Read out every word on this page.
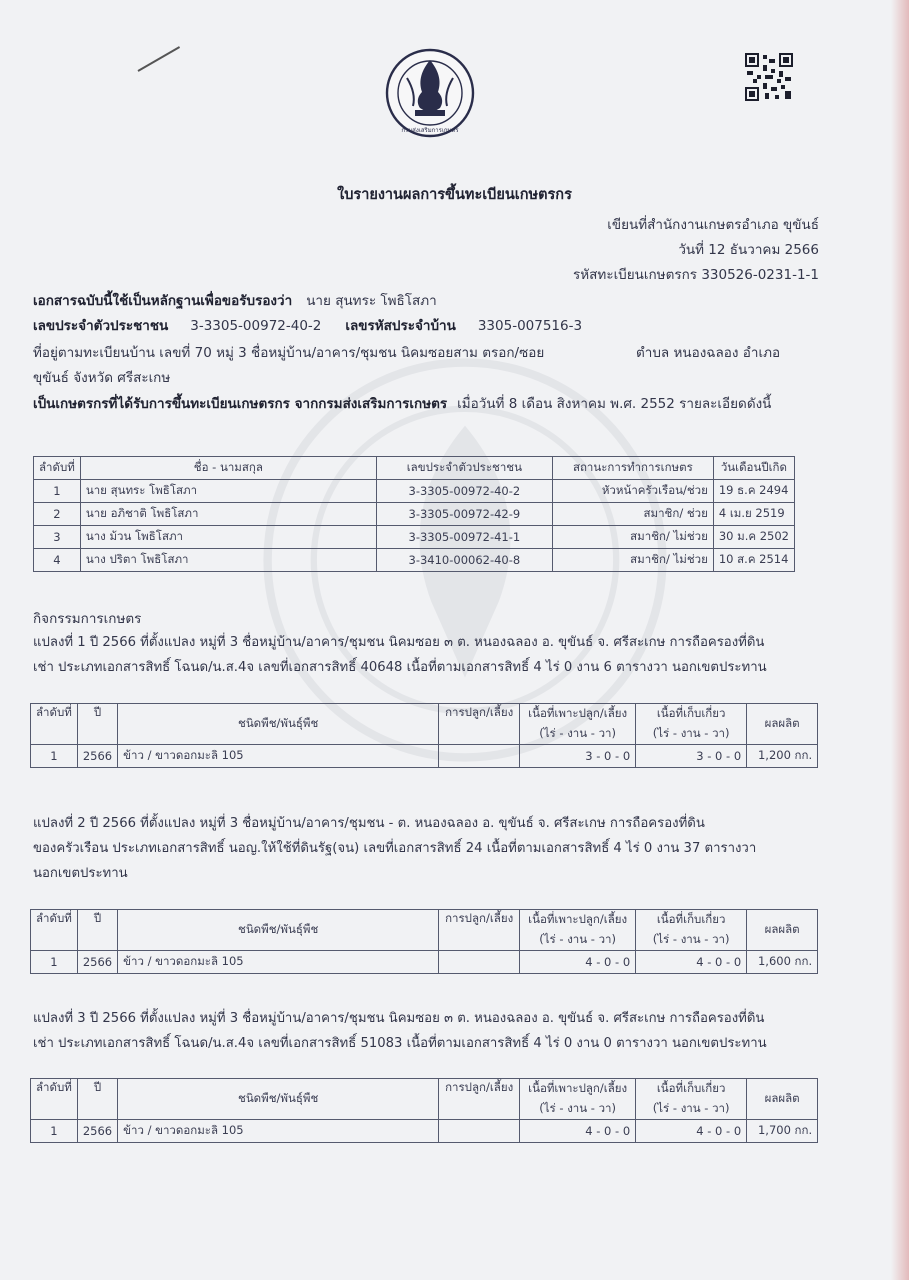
กรมส่งเสริมการเกษตร
ใบรายงานผลการขึ้นทะเบียนเกษตรกร
เขียนที่สำนักงานเกษตรอำเภอ ขุขันธ์
วันที่ 12 ธันวาคม 2566
รหัสทะเบียนเกษตรกร 330526-0231-1-1
เอกสารฉบับนี้ใช้เป็นหลักฐานเพื่อขอรับรองว่า นาย สุนทระ โพธิโสภา
เลขประจำตัวประชาชน 3-3305-00972-40-2 เลขรหัสประจำบ้าน 3305-007516-3
ที่อยู่ตามทะเบียนบ้าน เลขที่ 70 หมู่ 3 ชื่อหมู่บ้าน/อาคาร/ชุมชน นิคมซอยสาม ตรอก/ซอย	ตำบล หนองฉลอง อำเภอ
ขุขันธ์ จังหวัด ศรีสะเกษ
เป็นเกษตรกรที่ได้รับการขึ้นทะเบียนเกษตรกร จากกรมส่งเสริมการเกษตร เมื่อวันที่ 8 เดือน สิงหาคม พ.ศ. 2552 รายละเอียดดังนี้
ลำดับที่	ชื่อ - นามสกุล	เลขประจำตัวประชาชน	สถานะการทำการเกษตร	วันเดือนปีเกิด
1	นาย สุนทระ โพธิโสภา	3-3305-00972-40-2	หัวหน้าครัวเรือน/ช่วย	19 ธ.ค 2494
2	นาย อภิชาติ โพธิโสภา	3-3305-00972-42-9	สมาชิก/ ช่วย	4 เม.ย 2519
3	นาง ม้วน โพธิโสภา	3-3305-00972-41-1	สมาชิก/ ไม่ช่วย	30 ม.ค 2502
4	นาง ปริตา โพธิโสภา	3-3410-00062-40-8	สมาชิก/ ไม่ช่วย	10 ส.ค 2514
กิจกรรมการเกษตร
แปลงที่ 1 ปี 2566 ที่ตั้งแปลง หมู่ที่ 3 ชื่อหมู่บ้าน/อาคาร/ชุมชน นิคมซอย ๓ ต. หนองฉลอง อ. ขุขันธ์ จ. ศรีสะเกษ การถือครองที่ดิน
เช่า ประเภทเอกสารสิทธิ์ โฉนด/น.ส.4จ เลขที่เอกสารสิทธิ์ 40648 เนื้อที่ตามเอกสารสิทธิ์ 4 ไร่ 0 งาน 6 ตารางวา นอกเขตประทาน
ลำดับที่	ปี	ชนิดพืช/พันธุ์พืช	การปลูก/เลี้ยง	เนื้อที่เพาะปลูก/เลี้ยง	เนื้อที่เก็บเกี่ยว	ผลผลิต
				(ไร่ - งาน - วา)	(ไร่ - งาน - วา)	
1	2566	ข้าว / ขาวดอกมะลิ 105		3 - 0 - 0	3 - 0 - 0	1,200 กก.
แปลงที่ 2 ปี 2566 ที่ตั้งแปลง หมู่ที่ 3 ชื่อหมู่บ้าน/อาคาร/ชุมชน - ต. หนองฉลอง อ. ขุขันธ์ จ. ศรีสะเกษ การถือครองที่ดิน
ของครัวเรือน ประเภทเอกสารสิทธิ์ นอญ.ให้ใช้ที่ดินรัฐ(จน) เลขที่เอกสารสิทธิ์ 24 เนื้อที่ตามเอกสารสิทธิ์ 4 ไร่ 0 งาน 37 ตารางวา
นอกเขตประทาน
ลำดับที่	ปี	ชนิดพืช/พันธุ์พืช	การปลูก/เลี้ยง	เนื้อที่เพาะปลูก/เลี้ยง	เนื้อที่เก็บเกี่ยว	ผลผลิต
				(ไร่ - งาน - วา)	(ไร่ - งาน - วา)	
1	2566	ข้าว / ขาวดอกมะลิ 105		4 - 0 - 0	4 - 0 - 0	1,600 กก.
แปลงที่ 3 ปี 2566 ที่ตั้งแปลง หมู่ที่ 3 ชื่อหมู่บ้าน/อาคาร/ชุมชน นิคมซอย ๓ ต. หนองฉลอง อ. ขุขันธ์ จ. ศรีสะเกษ การถือครองที่ดิน
เช่า ประเภทเอกสารสิทธิ์ โฉนด/น.ส.4จ เลขที่เอกสารสิทธิ์ 51083 เนื้อที่ตามเอกสารสิทธิ์ 4 ไร่ 0 งาน 0 ตารางวา นอกเขตประทาน
ลำดับที่	ปี	ชนิดพืช/พันธุ์พืช	การปลูก/เลี้ยง	เนื้อที่เพาะปลูก/เลี้ยง	เนื้อที่เก็บเกี่ยว	ผลผลิต
				(ไร่ - งาน - วา)	(ไร่ - งาน - วา)	
1	2566	ข้าว / ขาวดอกมะลิ 105		4 - 0 - 0	4 - 0 - 0	1,700 กก.
